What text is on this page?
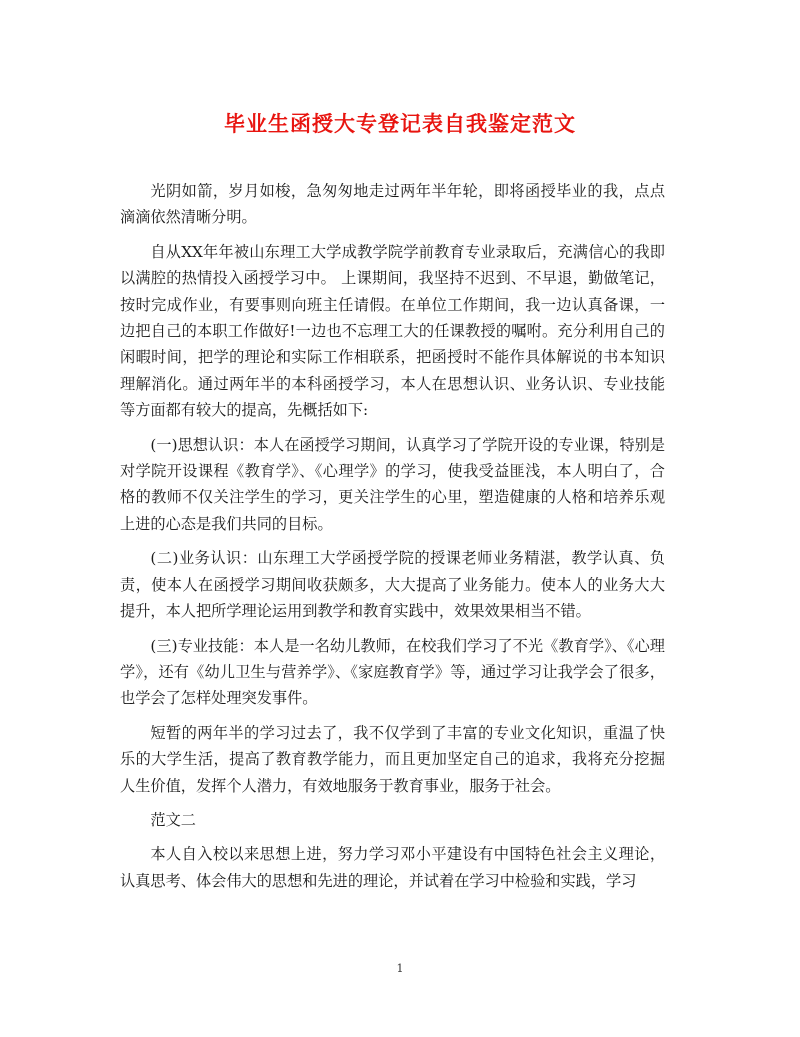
毕业生函授大专登记表自我鉴定范文

光阴如箭，岁月如梭，急匆匆地走过两年半年轮，即将函授毕业的我，点点滴滴依然清晰分明。

自从XX年年被山东理工大学成教学院学前教育专业录取后，充满信心的我即以满腔的热情投入函授学习中。 上课期间，我坚持不迟到、不早退，勤做笔记，按时完成作业，有要事则向班主任请假。在单位工作期间，我一边认真备课，一边把自己的本职工作做好!一边也不忘理工大的任课教授的嘱咐。充分利用自己的闲暇时间，把学的理论和实际工作相联系，把函授时不能作具体解说的书本知识理解消化。通过两年半的本科函授学习，本人在思想认识、业务认识、专业技能等方面都有较大的提高，先概括如下:

(一)思想认识：本人在函授学习期间，认真学习了学院开设的专业课，特别是对学院开设课程《教育学》、《心理学》的学习，使我受益匪浅，本人明白了，合格的教师不仅关注学生的学习，更关注学生的心里，塑造健康的人格和培养乐观上进的心态是我们共同的目标。

(二)业务认识：山东理工大学函授学院的授课老师业务精湛，教学认真、负责，使本人在函授学习期间收获颇多，大大提高了业务能力。使本人的业务大大提升，本人把所学理论运用到教学和教育实践中，效果效果相当不错。

(三)专业技能：本人是一名幼儿教师，在校我们学习了不光《教育学》、《心理学》，还有《幼儿卫生与营养学》、《家庭教育学》等，通过学习让我学会了很多，也学会了怎样处理突发事件。

短暂的两年半的学习过去了，我不仅学到了丰富的专业文化知识，重温了快乐的大学生活，提高了教育教学能力，而且更加坚定自己的追求，我将充分挖掘人生价值，发挥个人潜力，有效地服务于教育事业，服务于社会。

范文二

本人自入校以来思想上进，努力学习邓小平建设有中国特色社会主义理论，认真思考、体会伟大的思想和先进的理论，并试着在学习中检验和实践，学习

1
